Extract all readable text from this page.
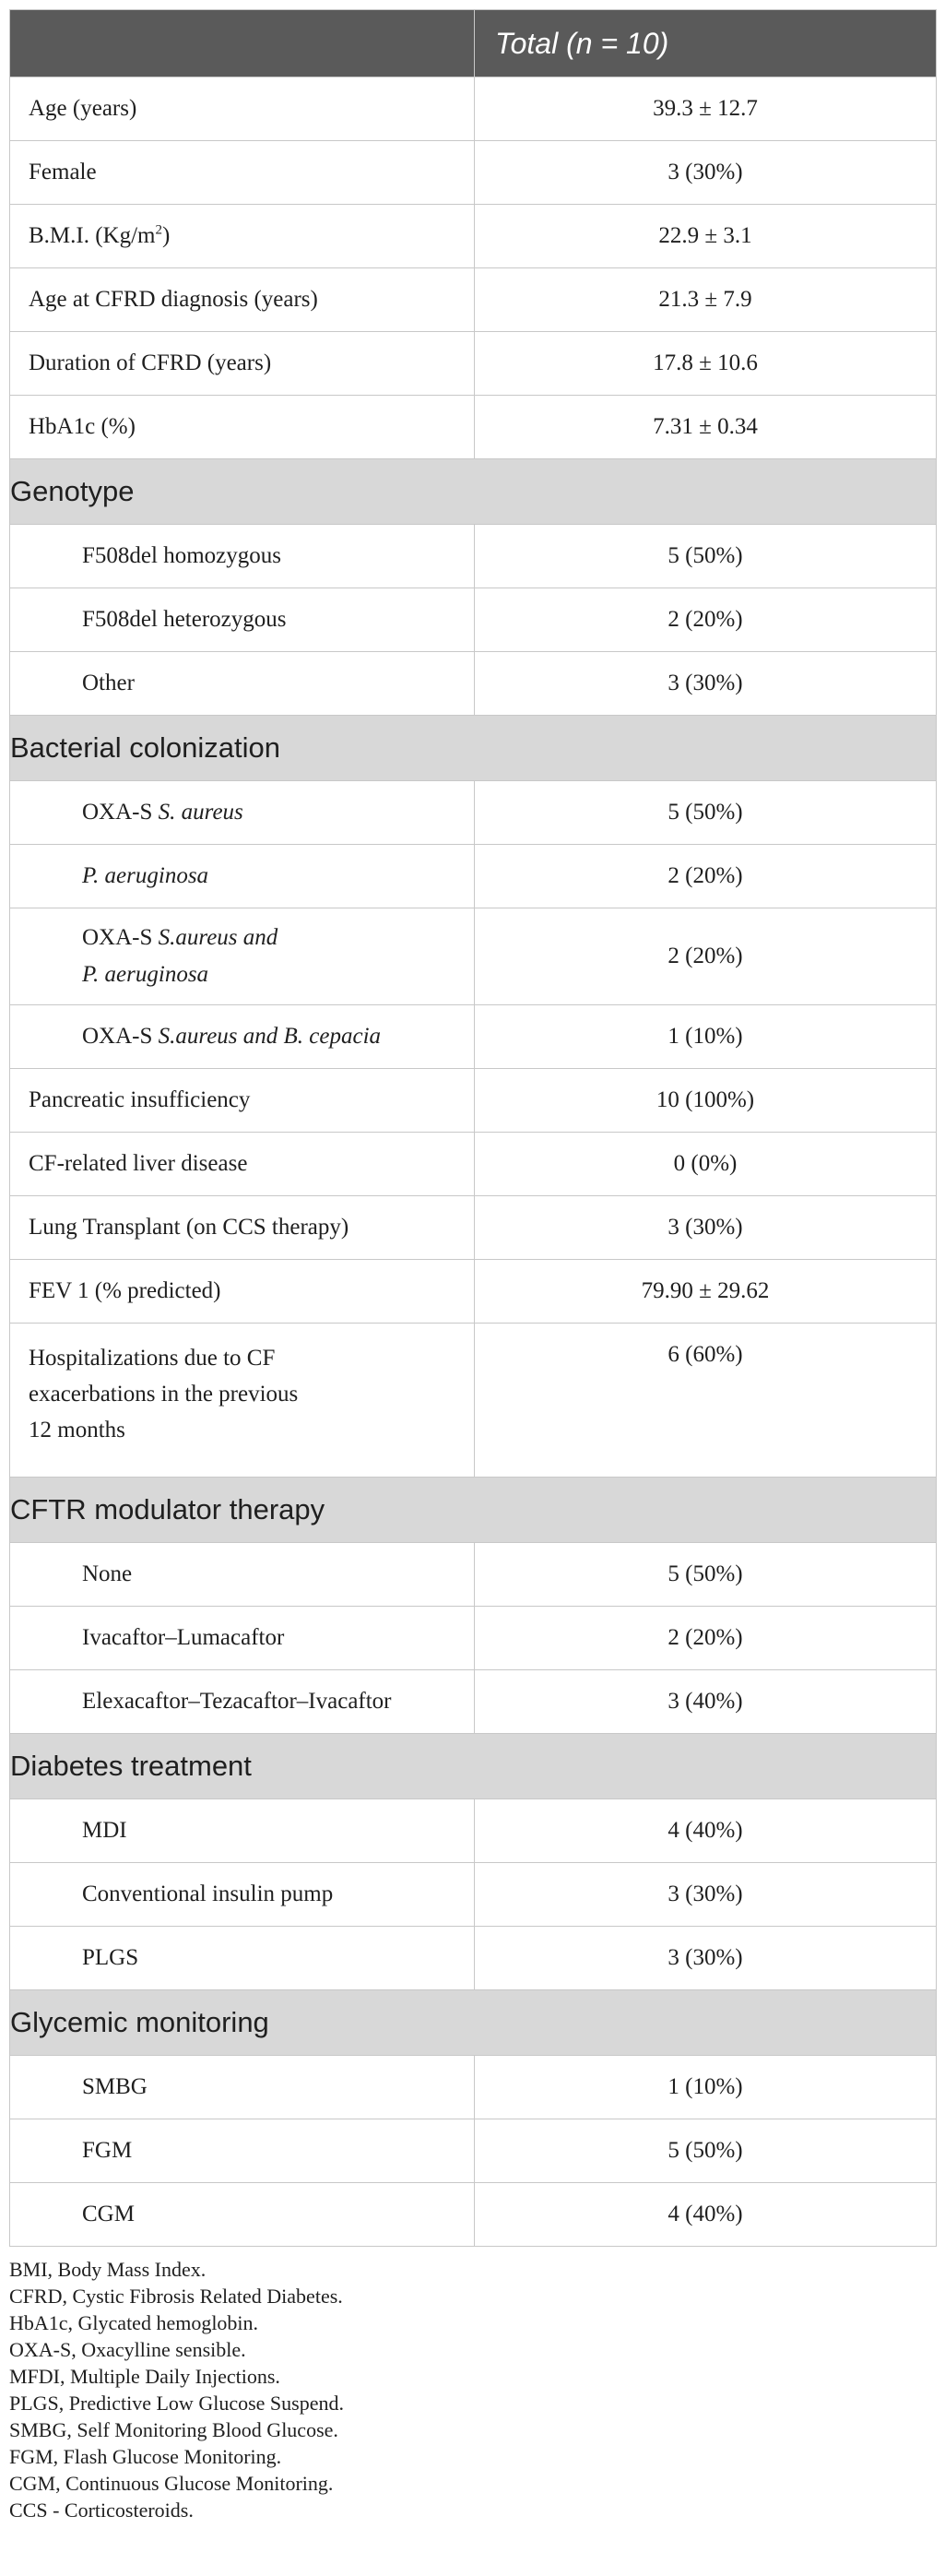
	Total (n = 10)
Age (years)	39.3 ± 12.7
Female	3 (30%)
B.M.I. $(Kg/m^2)$	22.9 ± 3.1
Age at CFRD diagnosis (years)	21.3 ± 7.9
Duration of CFRD (years)	17.8 ± 10.6
HbA1c (%)	7.31 ± 0.34
Genotype	
F508del homozygous	5 (50%)
F508del heterozygous	2 (20%)
Other	3 (30%)
Bacterial colonization	
OXA-S S. aureus	5 (50%)
P. aeruginosa	2 (20%)
OXA-S S.aureus and
P. aeruginosa	2 (20%)
OXA-S S.aureus and B. cepacia	1 (10%)
Pancreatic insufficiency	10 (100%)
CF-related liver disease	0 (0%)
Lung Transplant (on CCS therapy)	3 (30%)
FEV 1 (% predicted)	79.90 ± 29.62
Hospitalizations due to CF
exacerbations in the previous
12 months	6 (60%)
CFTR modulator therapy	
None	5 (50%)
Ivacaftor–Lumacaftor	2 (20%)
Elexacaftor–Tezacaftor–Ivacaftor	3 (40%)
Diabetes treatment	
MDI	4 (40%)
Conventional insulin pump	3 (30%)
PLGS	3 (30%)
Glycemic monitoring	
SMBG	1 (10%)
FGM	5 (50%)
CGM	4 (40%)
BMI, Body Mass Index.
CFRD, Cystic Fibrosis Related Diabetes.
HbA1c, Glycated hemoglobin.
OXA-S, Oxacylline sensible.
MFDI, Multiple Daily Injections.
PLGS, Predictive Low Glucose Suspend.
SMBG, Self Monitoring Blood Glucose.
FGM, Flash Glucose Monitoring.
CGM, Continuous Glucose Monitoring.
CCS - Corticosteroids.
